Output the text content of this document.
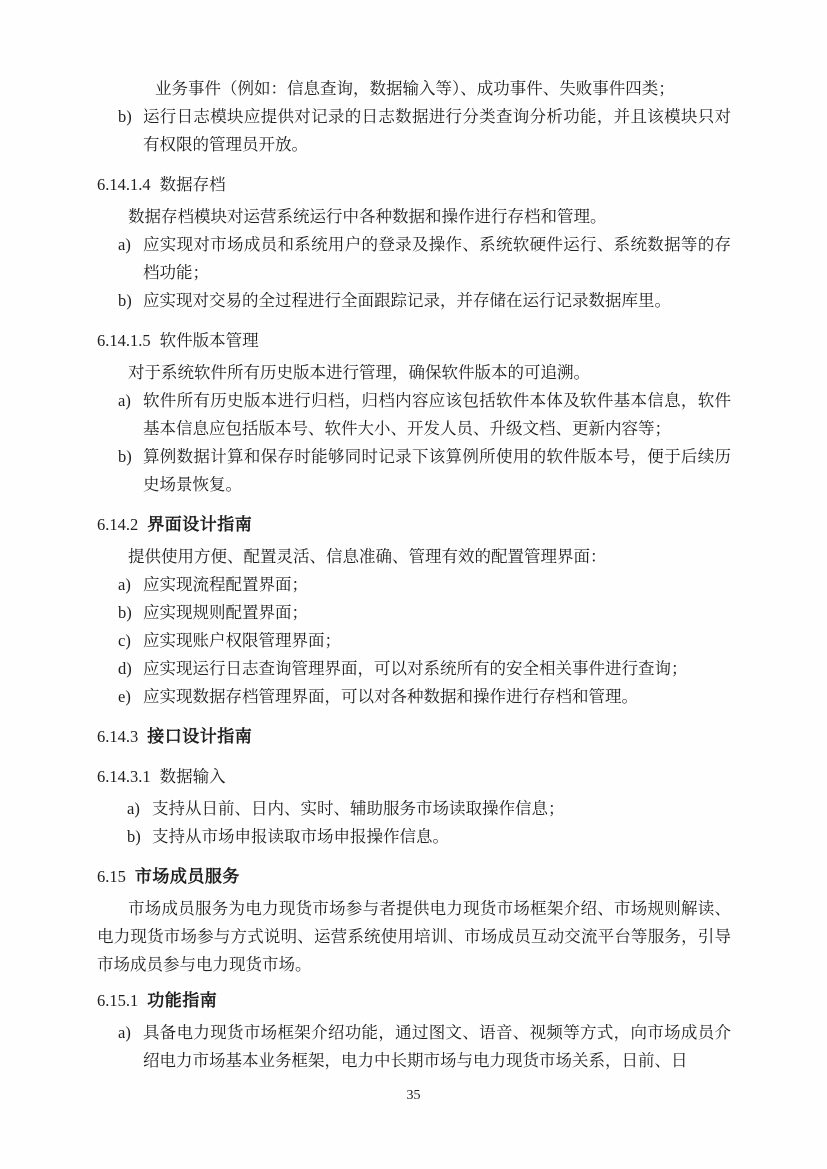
业务事件（例如：信息查询，数据输入等）、成功事件、失败事件四类；
b) 运行日志模块应提供对记录的日志数据进行分类查询分析功能，并且该模块只对有权限的管理员开放。
6.14.1.4 数据存档

数据存档模块对运营系统运行中各种数据和操作进行存档和管理。

a) 应实现对市场成员和系统用户的登录及操作、系统软硬件运行、系统数据等的存档功能；
b) 应实现对交易的全过程进行全面跟踪记录，并存储在运行记录数据库里。
6.14.1.5 软件版本管理

对于系统软件所有历史版本进行管理，确保软件版本的可追溯。

a) 软件所有历史版本进行归档，归档内容应该包括软件本体及软件基本信息，软件基本信息应包括版本号、软件大小、开发人员、升级文档、更新内容等；
b) 算例数据计算和保存时能够同时记录下该算例所使用的软件版本号，便于后续历史场景恢复。
6.14.2 界面设计指南

提供使用方便、配置灵活、信息准确、管理有效的配置管理界面：

a) 应实现流程配置界面；
b) 应实现规则配置界面；
c) 应实现账户权限管理界面；
d) 应实现运行日志查询管理界面，可以对系统所有的安全相关事件进行查询；
e) 应实现数据存档管理界面，可以对各种数据和操作进行存档和管理。
6.14.3 接口设计指南
6.14.3.1 数据输入
a) 支持从日前、日内、实时、辅助服务市场读取操作信息；
b) 支持从市场申报读取市场申报操作信息。
6.15 市场成员服务

市场成员服务为电力现货市场参与者提供电力现货市场框架介绍、市场规则解读、电力现货市场参与方式说明、运营系统使用培训、市场成员互动交流平台等服务，引导市场成员参与电力现货市场。

6.15.1 功能指南
a) 具备电力现货市场框架介绍功能，通过图文、语音、视频等方式，向市场成员介绍电力市场基本业务框架，电力中长期市场与电力现货市场关系，日前、日
35
